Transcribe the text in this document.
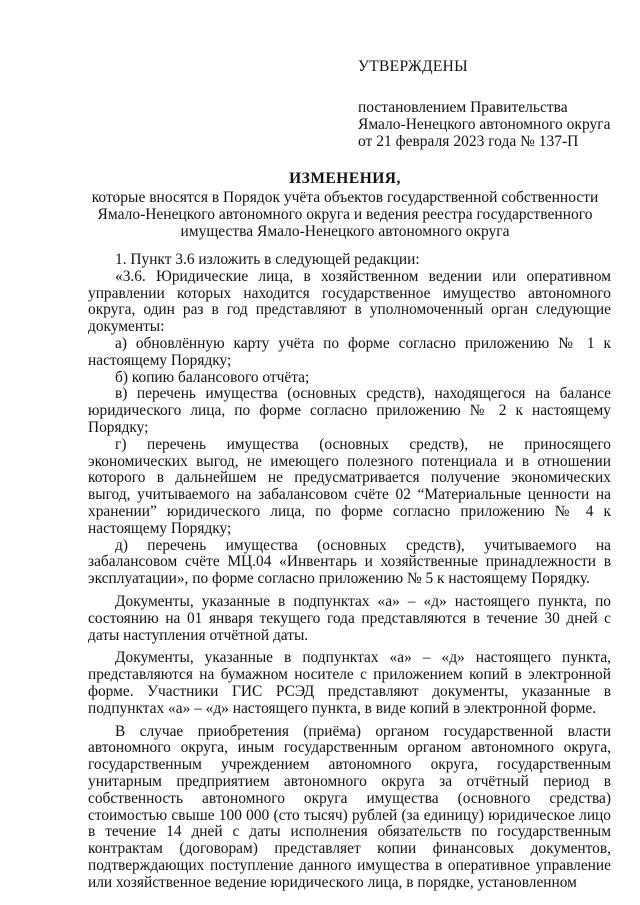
УТВЕРЖДЕНЫ
постановлением Правительства
Ямало-Ненецкого автономного округа
от 21 февраля 2023 года № 137-П
ИЗМЕНЕНИЯ,
которые вносятся в Порядок учёта объектов государственной собственности
Ямало-Ненецкого автономного округа и ведения реестра государственного
имущества Ямало-Ненецкого автономного округа

1. Пункт 3.6 изложить в следующей редакции:

«3.6. Юридические лица, в хозяйственном ведении или оперативном управлении которых находится государственное имущество автономного округа, один раз в год представляют в уполномоченный орган следующие документы:

а) обновлённую карту учёта по форме согласно приложению № 1 к настоящему Порядку;

б) копию балансового отчёта;

в) перечень имущества (основных средств), находящегося на балансе юридического лица, по форме согласно приложению № 2 к настоящему Порядку;

г) перечень имущества (основных средств), не приносящего экономических выгод, не имеющего полезного потенциала и в отношении которого в дальнейшем не предусматривается получение экономических выгод, учитываемого на забалансовом счёте 02 “Материальные ценности на хранении” юридического лица, по форме согласно приложению № 4 к настоящему Порядку;

д) перечень имущества (основных средств), учитываемого на забалансовом счёте МЦ.04 «Инвентарь и хозяйственные принадлежности в эксплуатации», по форме согласно приложению № 5 к настоящему Порядку.

Документы, указанные в подпунктах «а» – «д» настоящего пункта, по состоянию на 01 января текущего года представляются в течение 30 дней с даты наступления отчётной даты.

Документы, указанные в подпунктах «а» – «д» настоящего пункта, представляются на бумажном носителе с приложением копий в электронной форме. Участники ГИС РСЭД представляют документы, указанные в подпунктах «а» – «д» настоящего пункта, в виде копий в электронной форме.

В случае приобретения (приёма) органом государственной власти автономного округа, иным государственным органом автономного округа, государственным учреждением автономного округа, государственным унитарным предприятием автономного округа за отчётный период в собственность автономного округа имущества (основного средства) стоимостью свыше 100 000 (сто тысяч) рублей (за единицу) юридическое лицо в течение 14 дней с даты исполнения обязательств по государственным контрактам (договорам) представляет копии финансовых документов, подтверждающих поступление данного имущества в оперативное управление или хозяйственное ведение юридического лица, в порядке, установленном
